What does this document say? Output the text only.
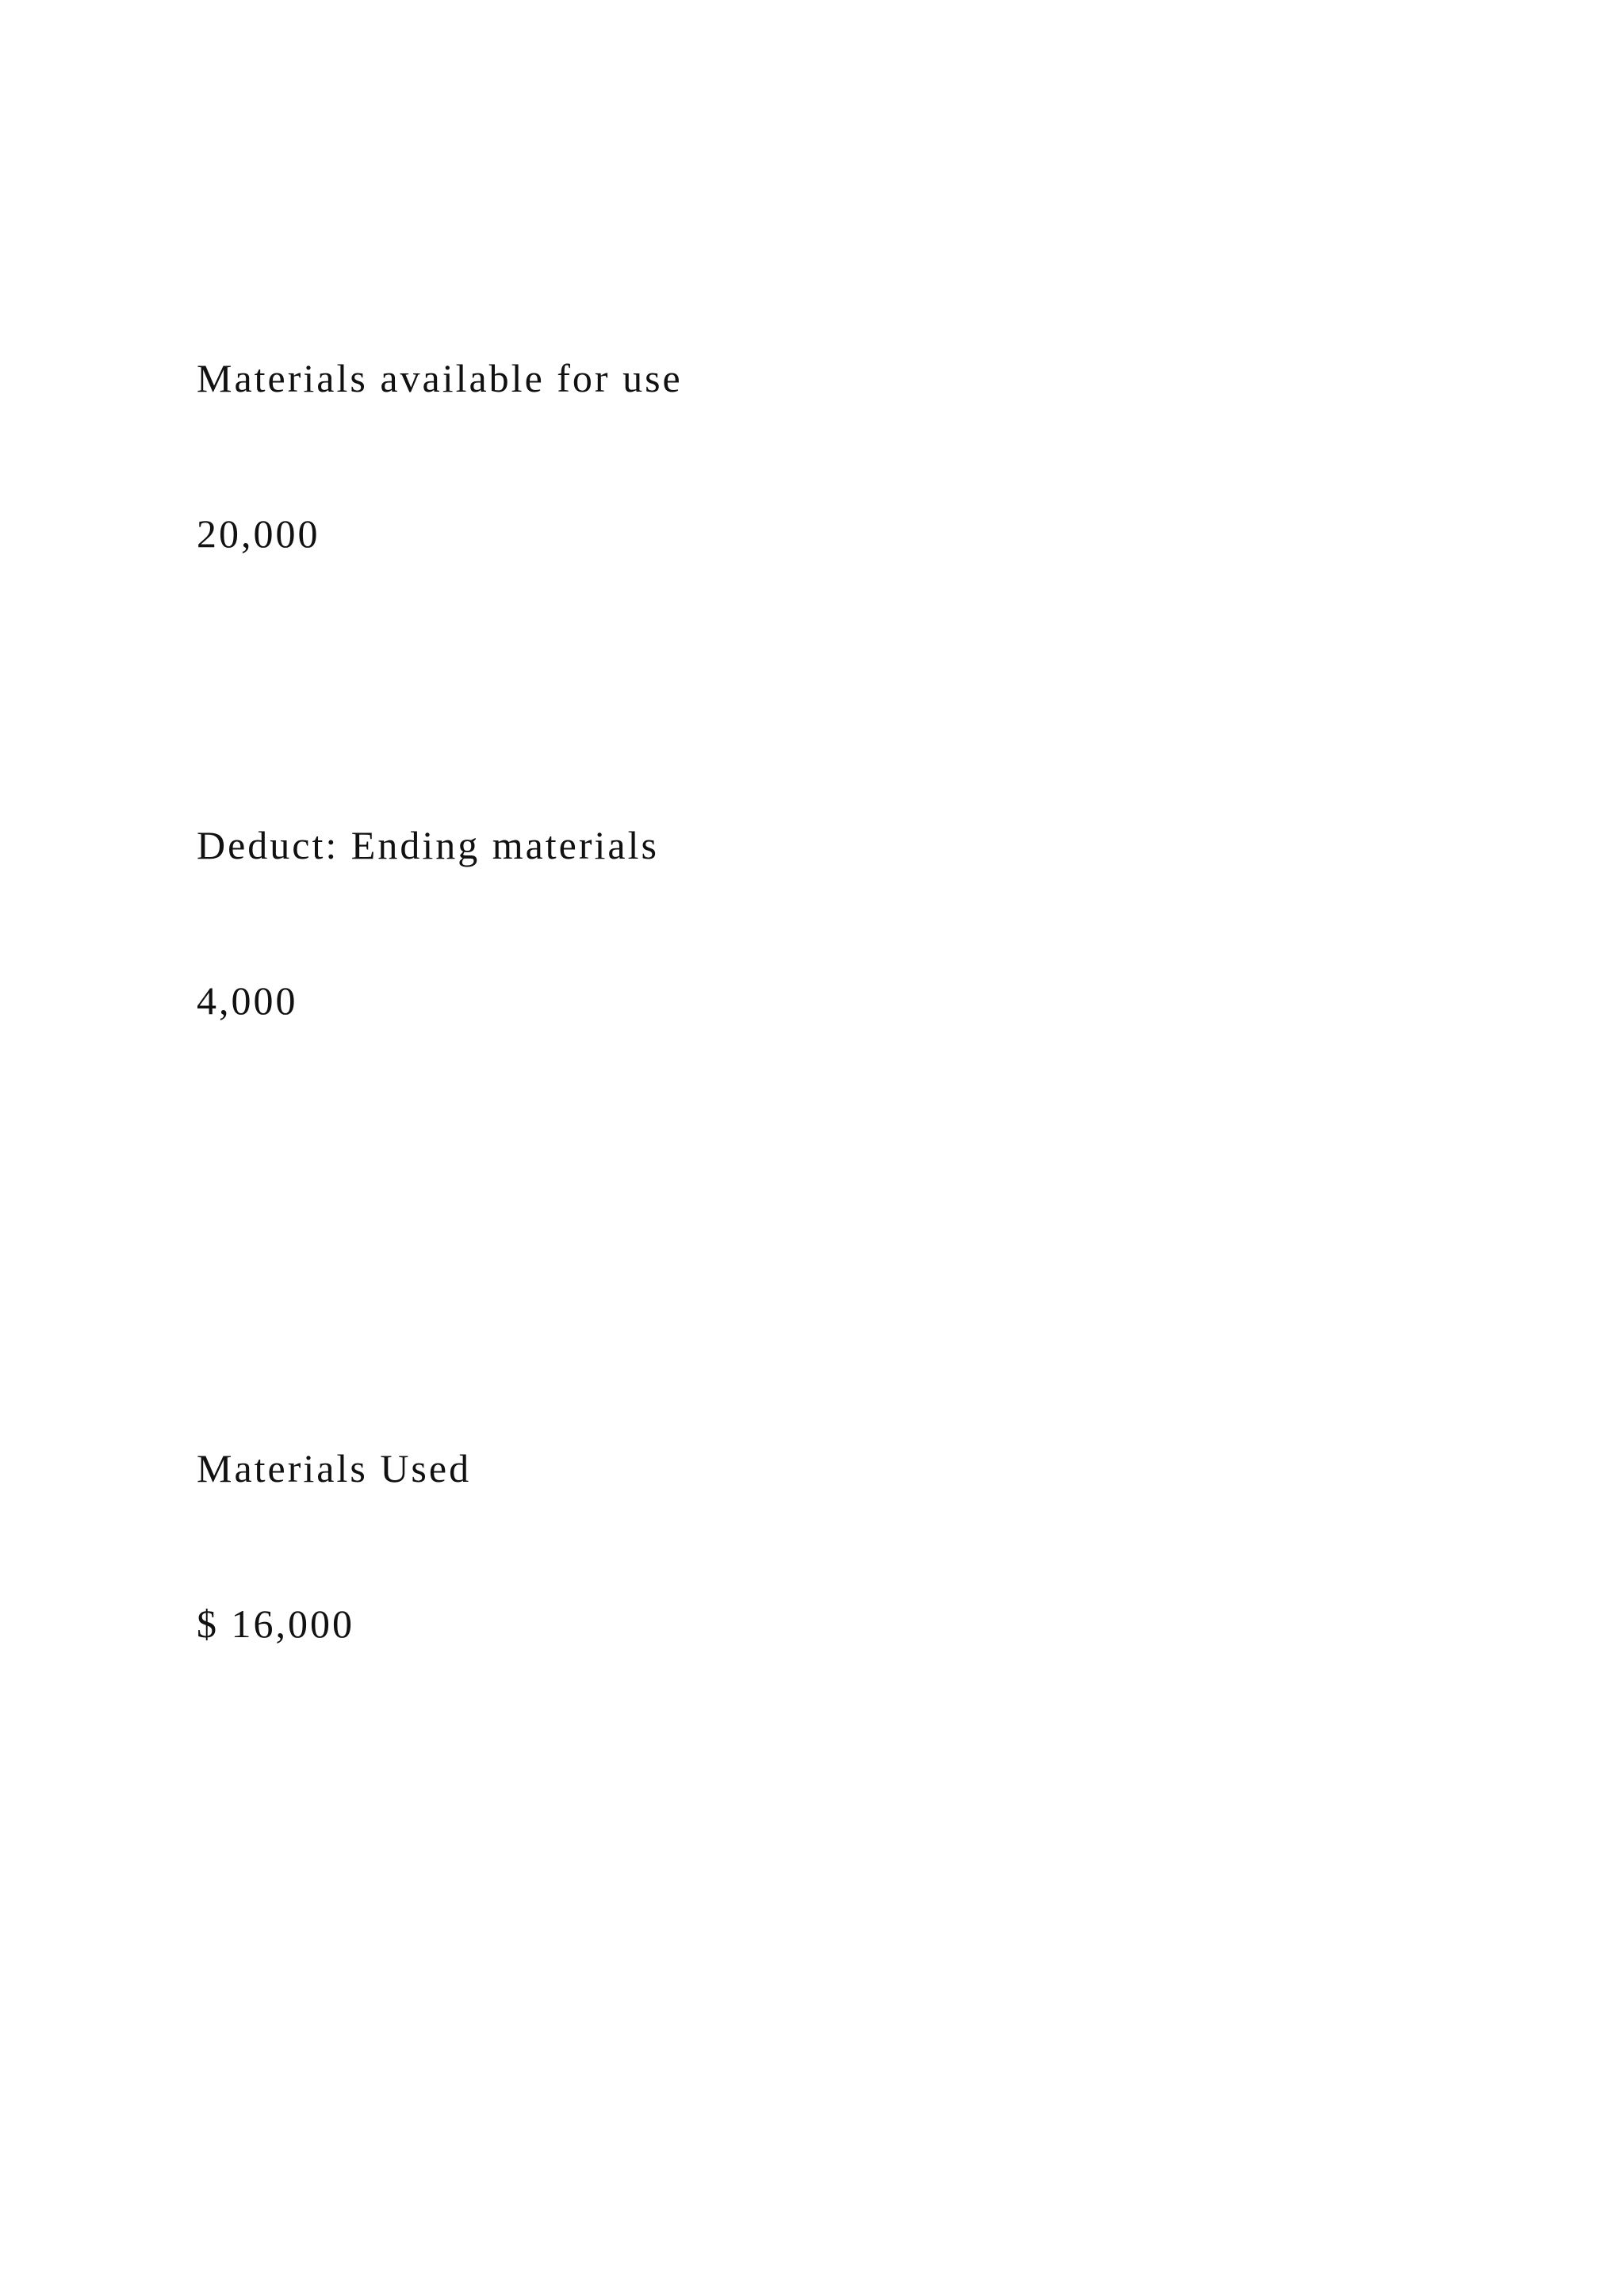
Materials available for use

20,000

Deduct: Ending materials

4,000

Materials Used

$ 16,000
